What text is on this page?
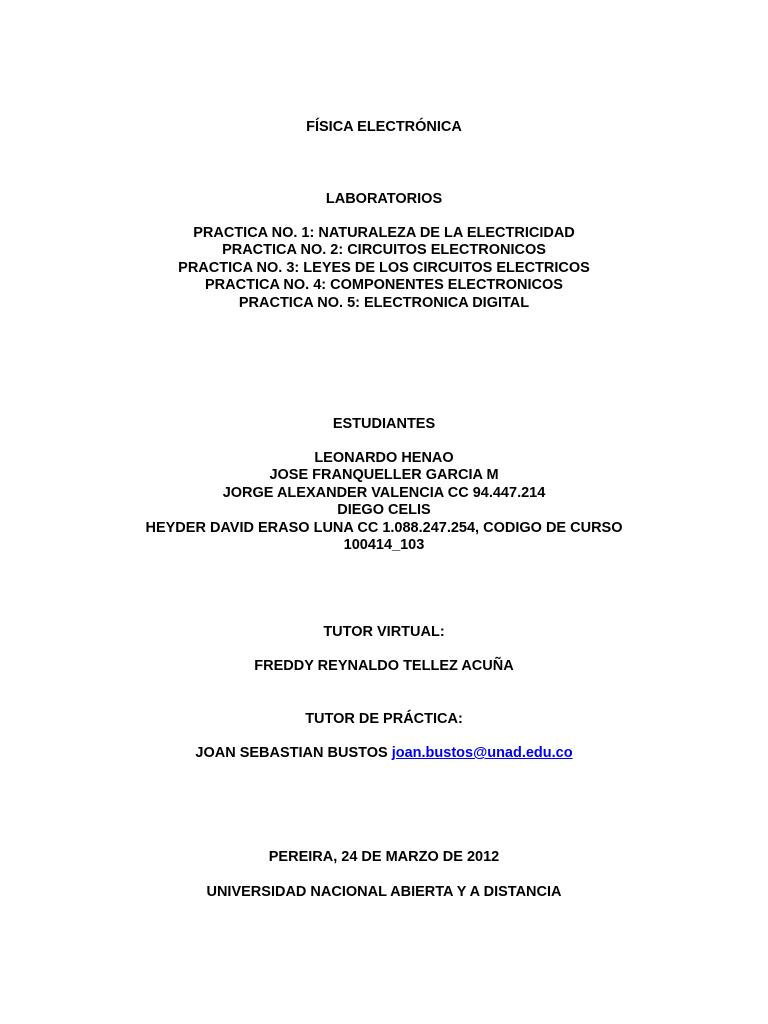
FÍSICA ELECTRÓNICA
LABORATORIOS
PRACTICA NO. 1: NATURALEZA DE LA ELECTRICIDAD
PRACTICA NO. 2: CIRCUITOS ELECTRONICOS
PRACTICA NO. 3: LEYES DE LOS CIRCUITOS ELECTRICOS
PRACTICA NO. 4: COMPONENTES ELECTRONICOS
PRACTICA NO. 5: ELECTRONICA DIGITAL
ESTUDIANTES
LEONARDO HENAO
JOSE FRANQUELLER GARCIA M
JORGE ALEXANDER VALENCIA CC 94.447.214
DIEGO CELIS
HEYDER DAVID ERASO LUNA CC 1.088.247.254, CODIGO DE CURSO
100414_103
TUTOR VIRTUAL:
FREDDY REYNALDO TELLEZ ACUÑA
TUTOR DE PRÁCTICA:
JOAN SEBASTIAN BUSTOS joan.bustos@unad.edu.co
PEREIRA, 24 DE MARZO DE 2012
UNIVERSIDAD NACIONAL ABIERTA Y A DISTANCIA
